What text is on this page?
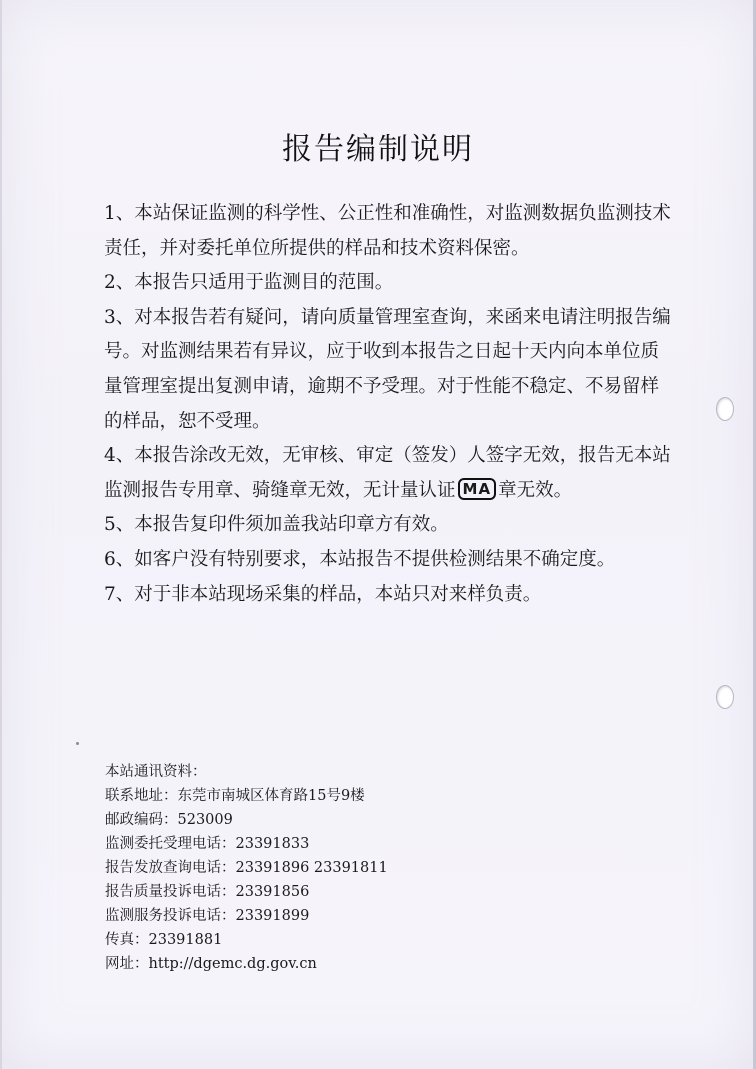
报告编制说明

1、本站保证监测的科学性、公正性和准确性，对监测数据负监测技术责任，并对委托单位所提供的样品和技术资料保密。

2、本报告只适用于监测目的范围。

3、对本报告若有疑问，请向质量管理室查询，来函来电请注明报告编号。对监测结果若有异议，应于收到本报告之日起十天内向本单位质量管理室提出复测申请，逾期不予受理。对于性能不稳定、不易留样的样品，恕不受理。

4、本报告涂改无效，无审核、审定（签发）人签字无效，报告无本站监测报告专用章、骑缝章无效，无计量认证 MA 章无效。

5、本报告复印件须加盖我站印章方有效。

6、如客户没有特别要求，本站报告不提供检测结果不确定度。

7、对于非本站现场采集的样品，本站只对来样负责。

本站通讯资料：

联系地址：东莞市南城区体育路15号9楼

邮政编码：523009

监测委托受理电话：23391833

报告发放查询电话：23391896 23391811

报告质量投诉电话：23391856

监测服务投诉电话：23391899

传真：23391881

网址：http://dgemc.dg.gov.cn
